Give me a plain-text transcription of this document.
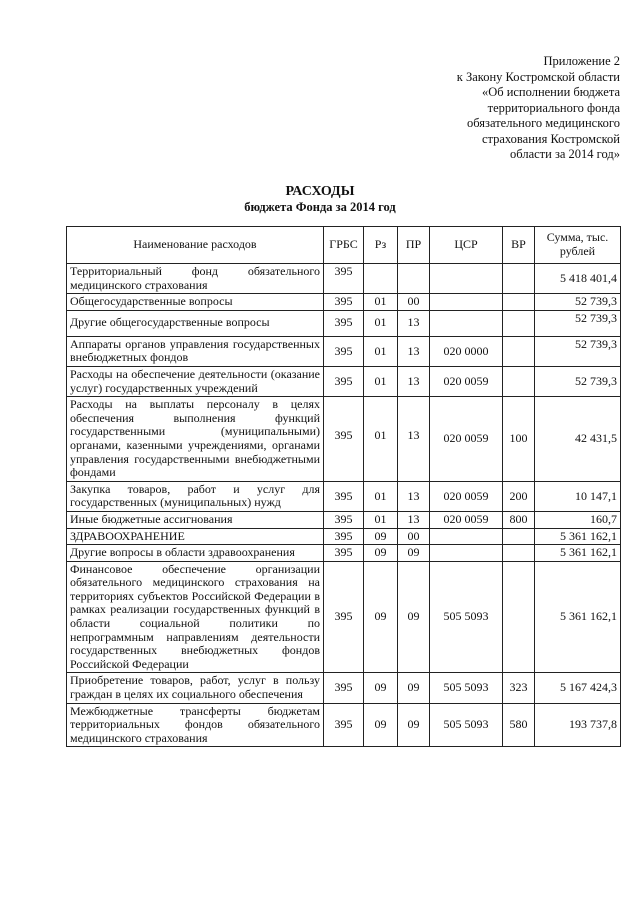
Приложение 2
к Закону Костромской области
«Об исполнении бюджета
территориального фонда
обязательного медицинского
страхования Костромской
области за 2014 год»
РАСХОДЫ
бюджета Фонда за 2014 год
Наименование расходов	ГРБС	Рз	ПР	ЦСР	ВР	Сумма, тыс. рублей
Территориальный фонд обязательного медицинского страхования	395					5 418 401,4
Общегосударственные вопросы	395	01	00			52 739,3
Другие общегосударственные вопросы	395	01	13			52 739,3
Аппараты органов управления государственных внебюджетных фондов	395	01	13	020 0000		52 739,3
Расходы на обеспечение деятельности (оказание услуг) государственных учреждений	395	01	13	020 0059		52 739,3
Расходы на выплаты персоналу в целях обеспечения выполнения функций государственными (муниципальными) органами, казенными учреждениями, органами управления государственными внебюджетными фондами	395	01	13	020 0059	100	42 431,5
Закупка товаров, работ и услуг для государственных (муниципальных) нужд	395	01	13	020 0059	200	10 147,1
Иные бюджетные ассигнования	395	01	13	020 0059	800	160,7
ЗДРАВООХРАНЕНИЕ	395	09	00			5 361 162,1
Другие вопросы в области здравоохранения	395	09	09			5 361 162,1
Финансовое обеспечение организации обязательного медицинского страхования на территориях субъектов Российской Федерации в рамках реализации государственных функций в области социальной политики по непрограммным направлениям деятельности государственных внебюджетных фондов Российской Федерации	395	09	09	505 5093		5 361 162,1
Приобретение товаров, работ, услуг в пользу граждан в целях их социального обеспечения	395	09	09	505 5093	323	5 167 424,3
Межбюджетные трансферты бюджетам территориальных фондов обязательного медицинского страхования	395	09	09	505 5093	580	193 737,8
